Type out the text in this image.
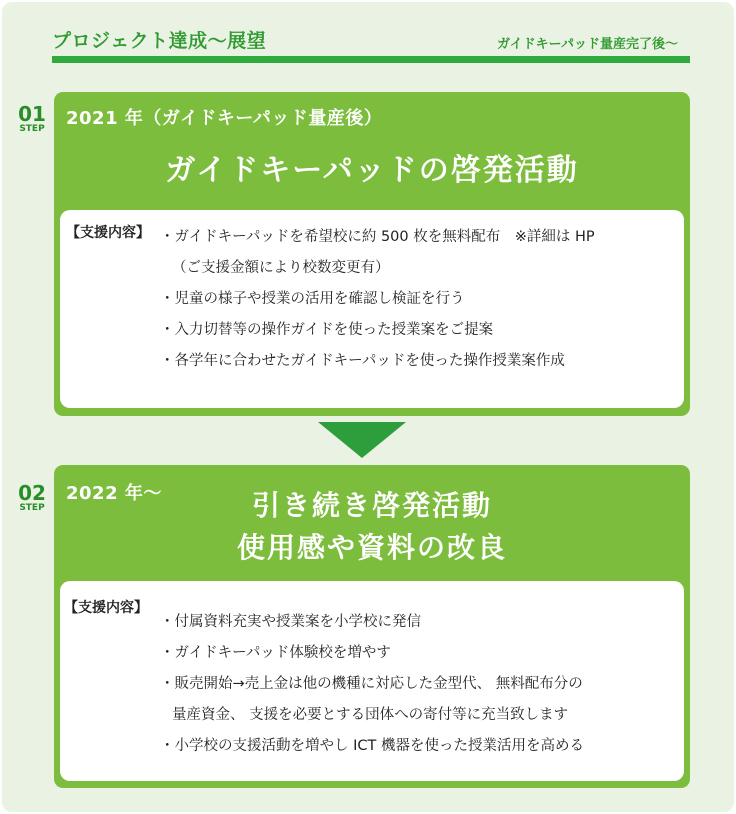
プロジェクト達成〜展望	ガイドキーパッド量産完了後〜
01
STEP 2021 年（ガイドキーパッド量産後）
ガイドキーパッドの啓発活動
【支援内容】 ・ガイドキーパッドを希望校に約 500 枚を無料配布　※詳細は HP
（ご支援金額により校数変更有）
・児童の様子や授業の活用を確認し検証を行う
・入力切替等の操作ガイドを使った授業案をご提案
・各学年に合わせたガイドキーパッドを使った操作授業案作成
02
STEP
2022 年〜	引き続き啓発活動
使用感や資料の改良
【支援内容】
・付属資料充実や授業案を小学校に発信
・ガイドキーパッド体験校を増やす
・販売開始→売上金は他の機種に対応した金型代、 無料配布分の
量産資金、 支援を必要とする団体への寄付等に充当致します
・小学校の支援活動を増やし ICT 機器を使った授業活用を高める
